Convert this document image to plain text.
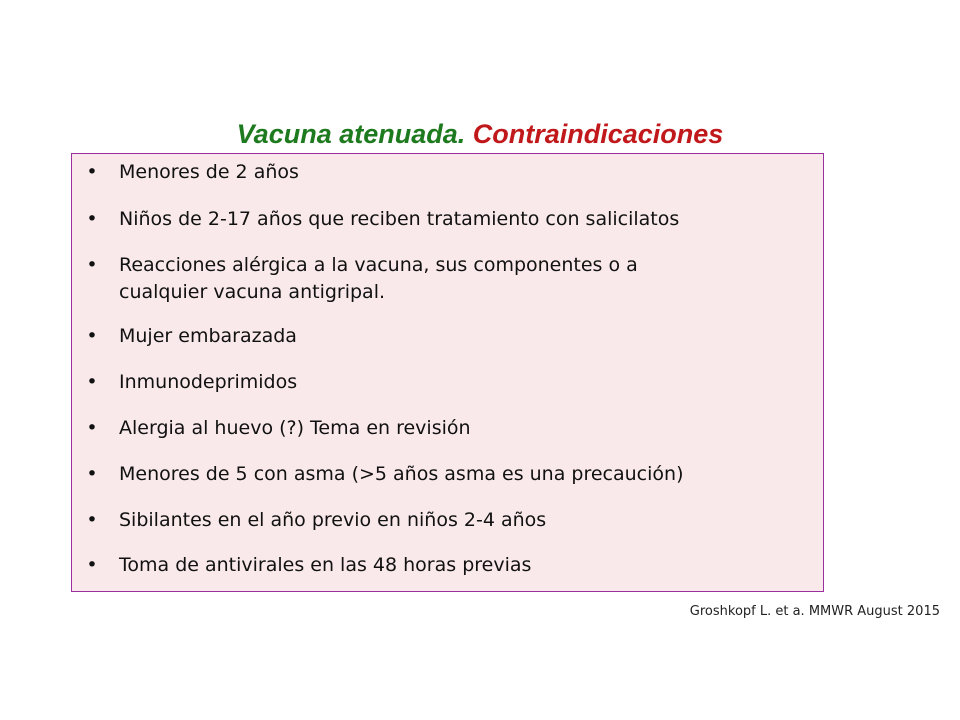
Vacuna atenuada. Contraindicaciones
• Menores de 2 años
• Niños de 2-17 años que reciben tratamiento con salicilatos
• Reacciones alérgica a la vacuna, sus componentes o a
cualquier vacuna antigripal.
• Mujer embarazada
• Inmunodeprimidos
• Alergia al huevo (?) Tema en revisión
• Menores de 5 con asma (>5 años asma es una precaución)
• Sibilantes en el año previo en niños 2-4 años
• Toma de antivirales en las 48 horas previas
Groshkopf L. et a. MMWR August 2015
